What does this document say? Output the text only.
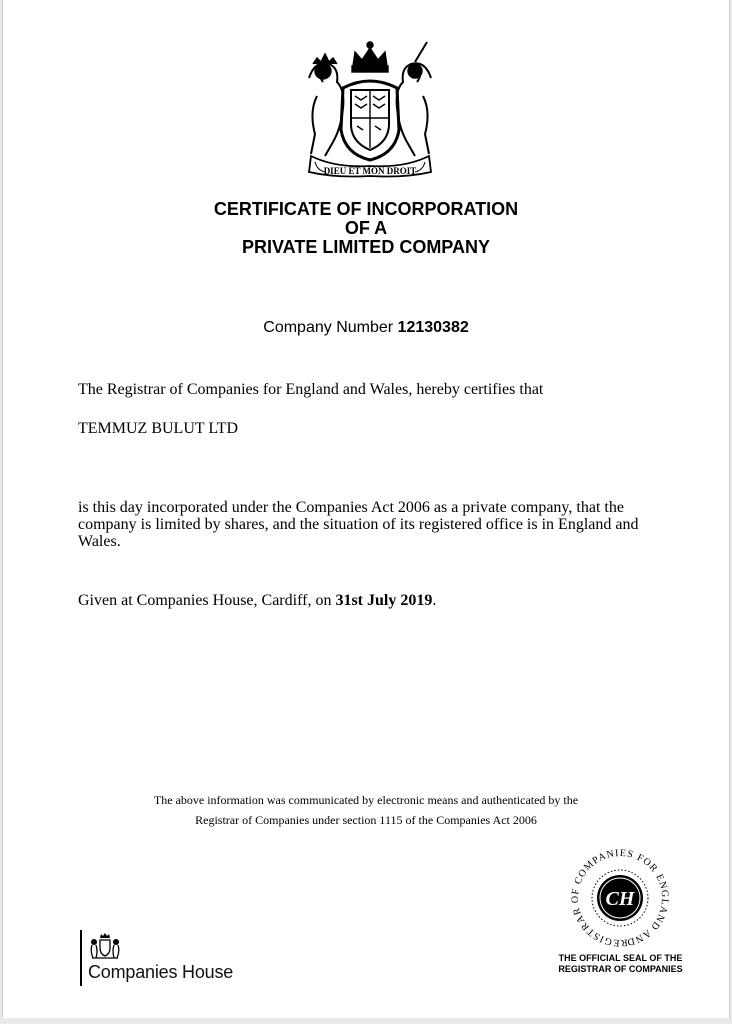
DIEU ET MON DROIT
CERTIFICATE OF INCORPORATION
OF A
PRIVATE LIMITED COMPANY
Company Number 12130382
The Registrar of Companies for England and Wales, hereby certifies that
TEMMUZ BULUT LTD
is this day incorporated under the Companies Act 2006 as a private company, that the company is limited by shares, and the situation of its registered office is in England and Wales.
Given at Companies House, Cardiff, on 31st July 2019.
The above information was communicated by electronic means and authenticated by the
Registrar of Companies under section 1115 of the Companies Act 2006
Companies House
REGISTRAR OF COMPANIES FOR ENGLAND AND
CH
THE OFFICIAL SEAL OF THE
REGISTRAR OF COMPANIES
